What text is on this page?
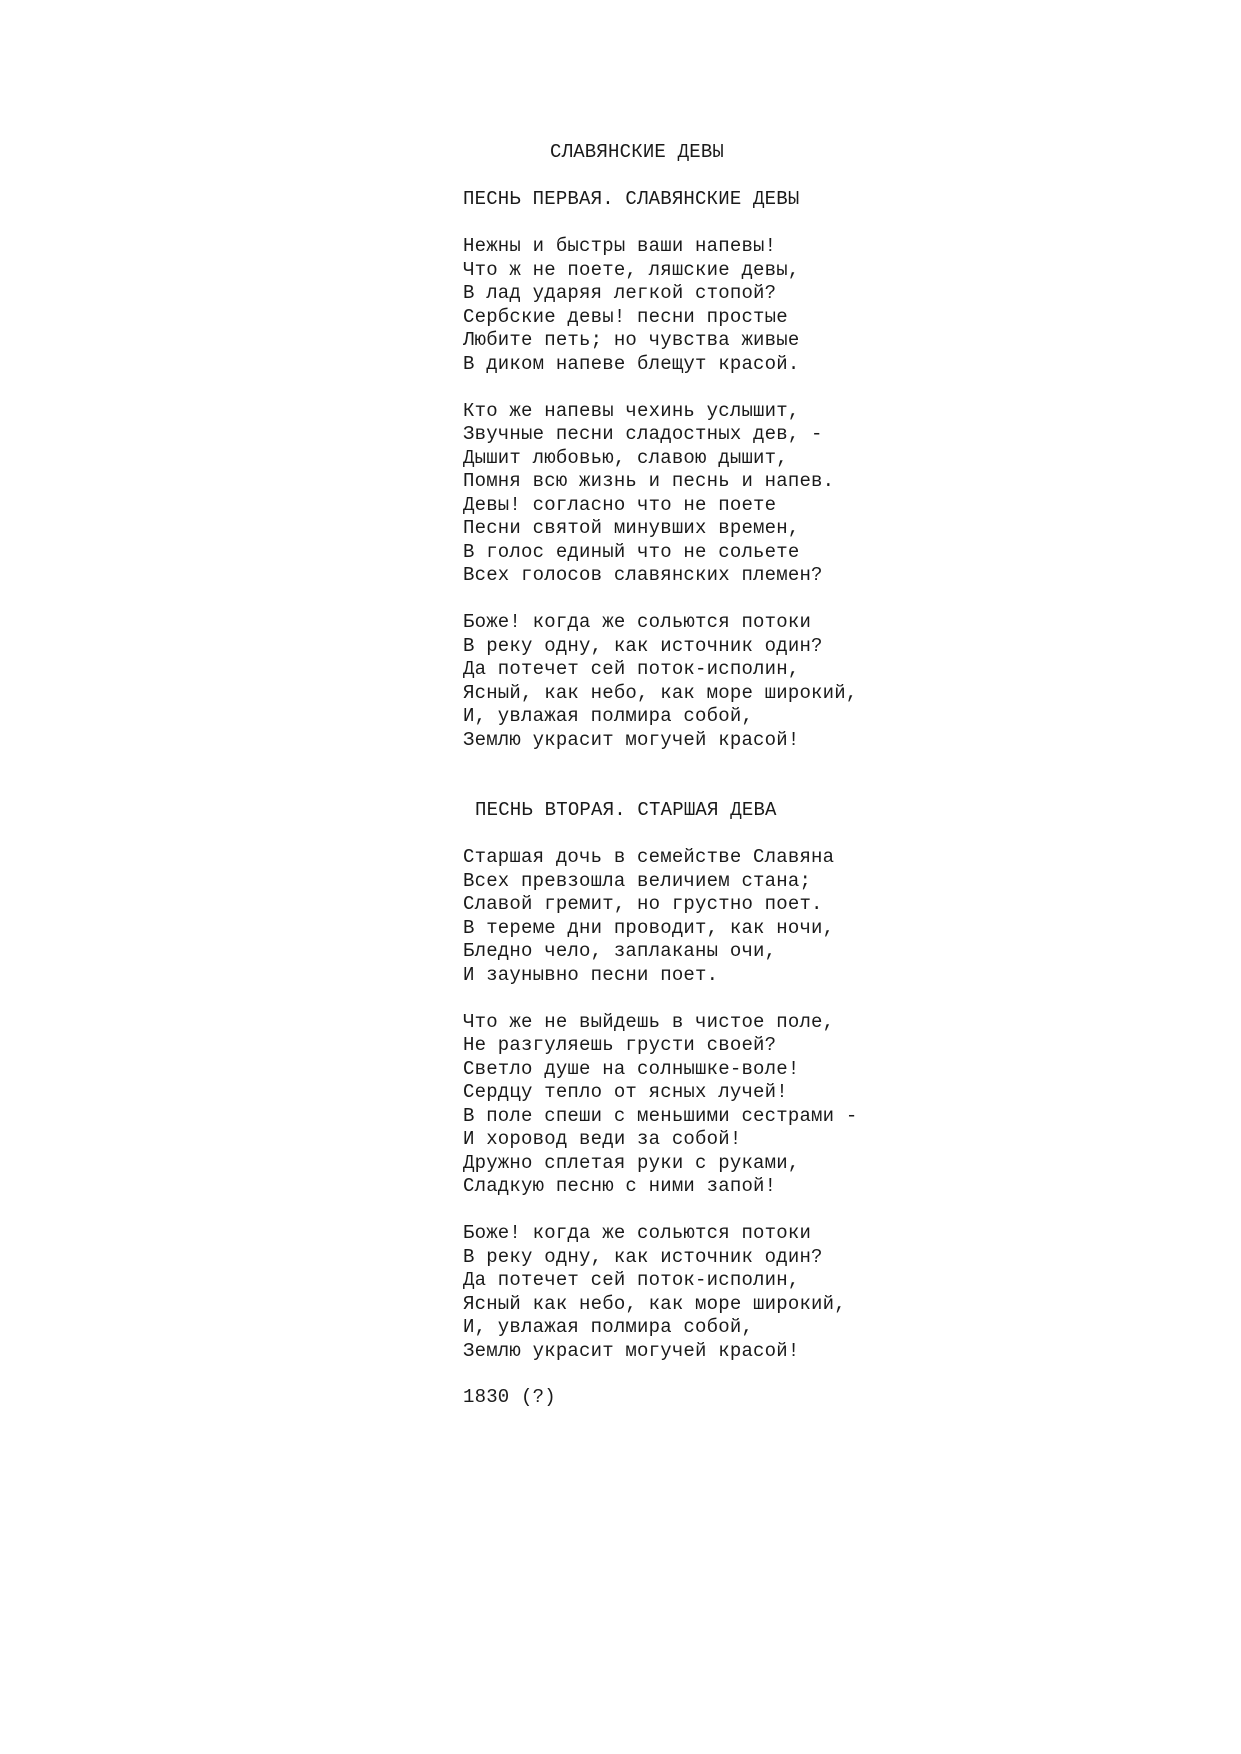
СЛАВЯНСКИЕ ДЕВЫ
ПЕСНЬ ПЕРВАЯ. СЛАВЯНСКИЕ ДЕВЫ
Нежны и быстры ваши напевы!
Что ж не поете, ляшские девы,
В лад ударяя легкой стопой?
Сербские девы! песни простые
Любите петь; но чувства живые
В диком напеве блещут красой.
Кто же напевы чехинь услышит,
Звучные песни сладостных дев, -
Дышит любовью, славою дышит,
Помня всю жизнь и песнь и напев.
Девы! согласно что не поете
Песни святой минувших времен,
В голос единый что не сольете
Всех голосов славянских племен?
Боже! когда же сольются потоки
В реку одну, как источник один?
Да потечет сей поток-исполин,
Ясный, как небо, как море широкий,
И, увлажая полмира собой,
Землю украсит могучей красой!
ПЕСНЬ ВТОРАЯ. СТАРШАЯ ДЕВА
Старшая дочь в семействе Славяна
Всех превзошла величием стана;
Славой гремит, но грустно поет.
В тереме дни проводит, как ночи,
Бледно чело, заплаканы очи,
И заунывно песни поет.
Что же не выйдешь в чистое поле,
Не разгуляешь грусти своей?
Светло душе на солнышке-воле!
Сердцу тепло от ясных лучей!
В поле спеши с меньшими сестрами -
И хоровод веди за собой!
Дружно сплетая руки с руками,
Сладкую песню с ними запой!
Боже! когда же сольются потоки
В реку одну, как источник один?
Да потечет сей поток-исполин,
Ясный как небо, как море широкий,
И, увлажая полмира собой,
Землю украсит могучей красой!
1830 (?)
